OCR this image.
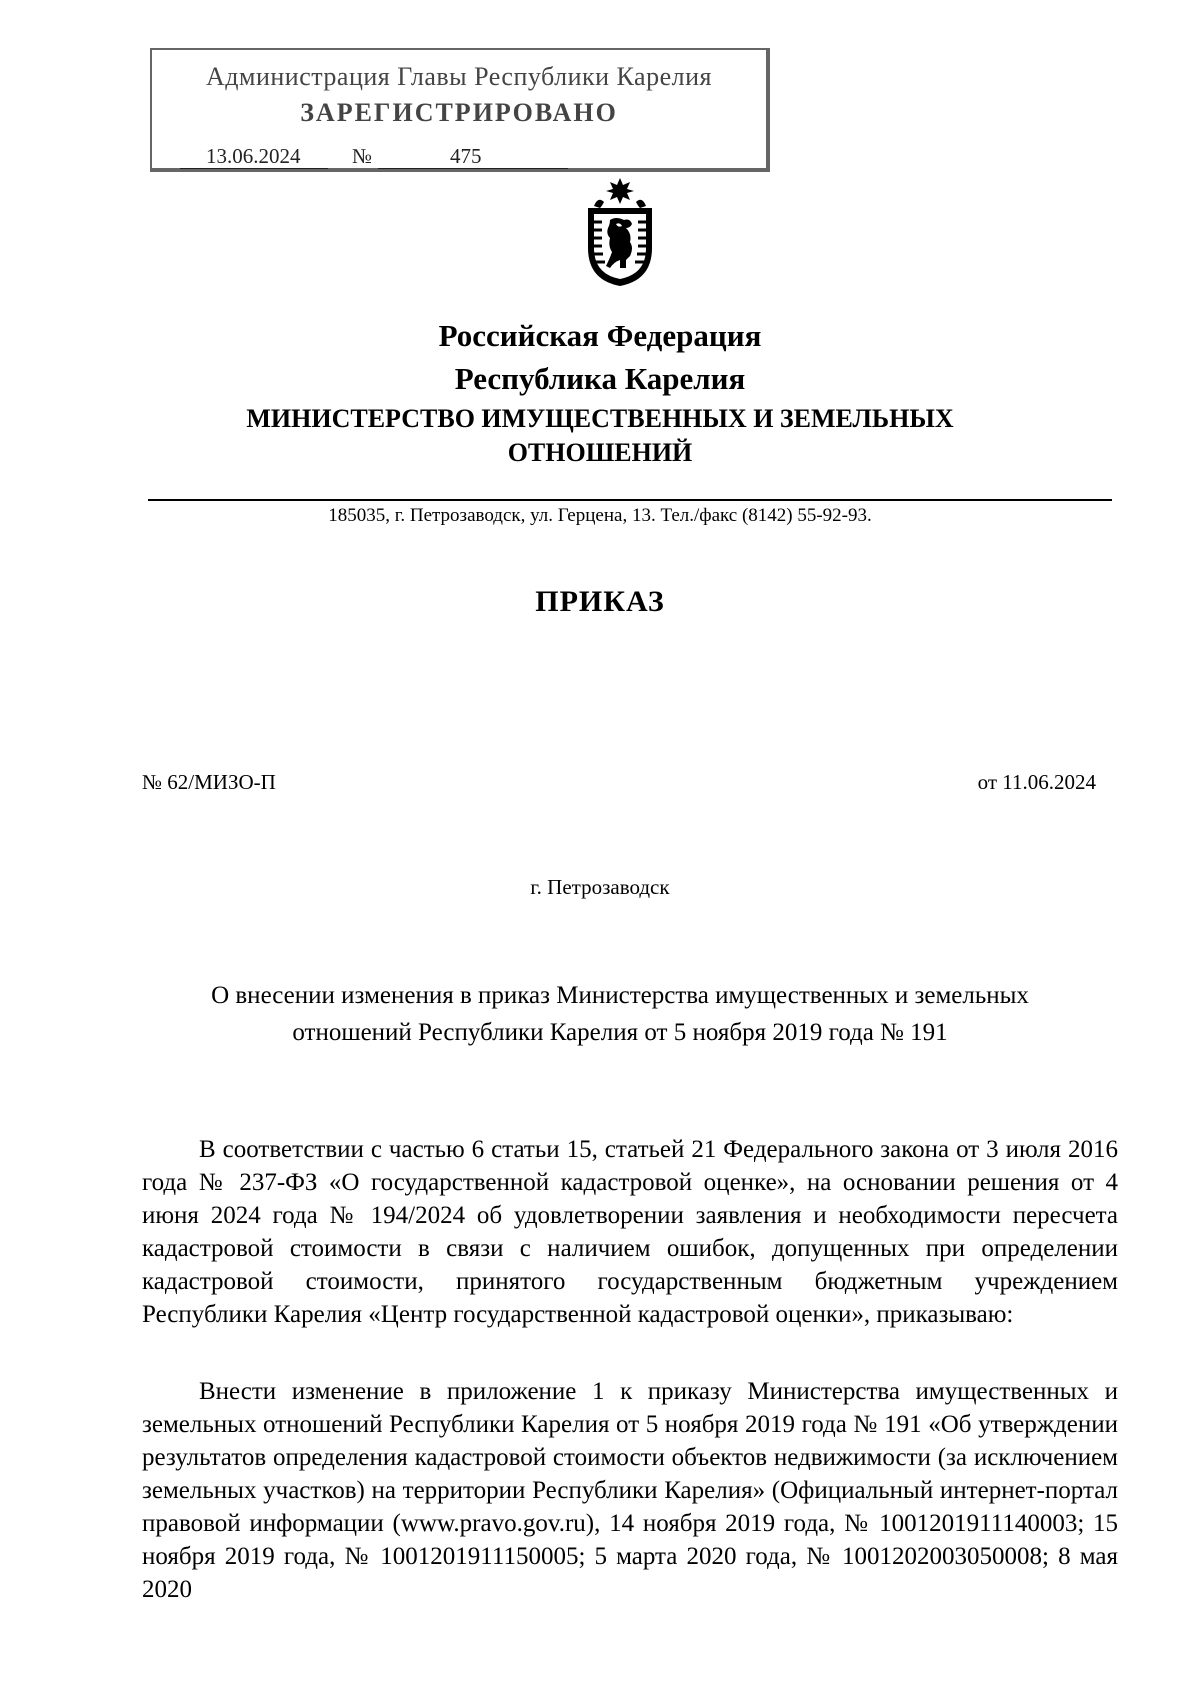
Администрация Главы Республики Карелия
ЗАРЕГИСТРИРОВАНО
13.06.2024 №	475
Российская Федерация
Республика Карелия
МИНИСТЕРСТВО ИМУЩЕСТВЕННЫХ И ЗЕМЕЛЬНЫХ
ОТНОШЕНИЙ
185035, г. Петрозаводск, ул. Герцена, 13. Тел./факс (8142) 55-92-93.
ПРИКАЗ
№ 62/МИЗО-П	от 11.06.2024
г. Петрозаводск
О внесении изменения в приказ Министерства имущественных и земельных
отношений Республики Карелия от 5 ноября 2019 года № 191

В соответствии с частью 6 статьи 15, статьей 21 Федерального закона от 3 июля 2016 года № 237-ФЗ «О государственной кадастровой оценке», на основании решения от 4 июня 2024 года № 194/2024 об удовлетворении заявления и необходимости пересчета кадастровой стоимости в связи с наличием ошибок, допущенных при определении кадастровой стоимости, принятого государственным бюджетным учреждением Республики Карелия «Центр государственной кадастровой оценки», приказываю:

Внести изменение в приложение 1 к приказу Министерства имущественных и земельных отношений Республики Карелия от 5 ноября 2019 года № 191 «Об утверждении результатов определения кадастровой стоимости объектов недвижимости (за исключением земельных участков) на территории Республики Карелия» (Официальный интернет-портал правовой информации (www.pravo.gov.ru), 14 ноября 2019 года, № 1001201911140003; 15 ноября 2019 года, № 1001201911150005; 5 марта 2020 года, № 1001202003050008; 8 мая 2020
